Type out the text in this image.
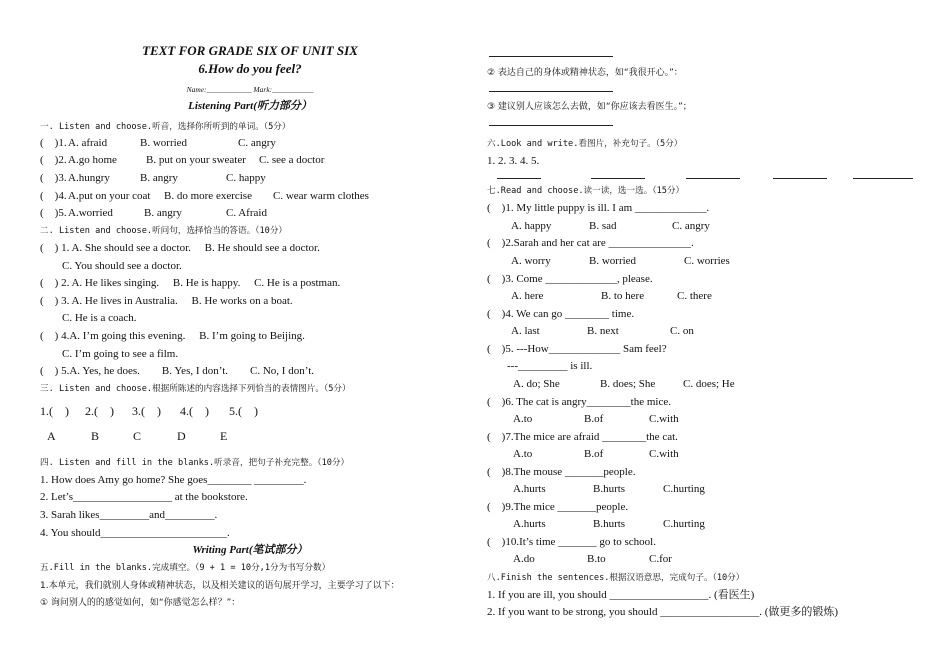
TEXT FOR GRADE SIX OF UNIT SIX
6.How do you feel?
Name:____________ Mark:___________
Listening Part(听力部分）
一. Listen and choose.听音，选择你所听到的单词。（5分）
(　)1. A. afraid	B. worried	C. angry
(　)2. A.go home	B. put on your sweater C. see a doctor
(　)3. A.hungry	B. angry	C. happy
(　)4. A.put on your coat B. do more exercise C. wear warm clothes
(　)5. A.worried	B. angry	C. Afraid
二. Listen and choose.听问句，选择恰当的答语。（10分）
(　) 1. A. She should see a doctor.　 B. He should see a doctor.
　　C. You should see a doctor.
(　) 2. A. He likes singing.　 B. He is happy.　 C. He is a postman.
(　) 3. A. He lives in Australia.　 B. He works on a boat.
　　C. He is a coach.
(　) 4.A. I’m going this evening.　 B. I’m going to Beijing.
　　C. I’m going to see a film.
(　) 5.A. Yes, he does.　　B. Yes, I don’t.　　C. No, I don’t.
三. Listen and choose.根据所陈述的内容选择下列恰当的表情图片。（5分）
1.(　) 2.(　) 3.(　) 4.(　) 5.(　)
A	B	C	D	E
四. Listen and fill in the blanks.听录音，把句子补充完整。（10分）
1. How does Amy go home? She goes________ _________.
2. Let’s__________________ at the bookstore.
3. Sarah likes_________and_________.
4. You should_______________________.
Writing Part(笔试部分）
五.Fill in the blanks.完成填空。（9 + 1 = 10分,1分为书写分数）
1.本单元，我们就别人身体或精神状态，以及相关建议的语句展开学习，主要学习了以下：
① 询问别人的的感觉如何，如“你感觉怎么样？”：
② 表达自己的身体或精神状态，如“我很开心。”：
③ 建议别人应该怎么去做，如“你应该去看医生。”；
六.Look and write.看图片，补充句子。（5分）
1. 2. 3. 4. 5.
七.Read and choose.读一读，选一选。（15分）
(　)1. My little puppy is ill. I am _____________.
A. happy	B. sad	C. angry
(　)2.Sarah and her cat are _______________.
A. worry	B. worried	C. worries
(　)3. Come _____________, please.
A. here	B. to here	C. there
(　)4. We can go ________ time.
A. last	B. next	C. on
(　)5. ---How_____________ Sam feel?
---_________ is ill.
A. do; She	B. does; She	C. does; He
(　)6. The cat is angry________the mice.
A.to	B.of	C.with
(　)7.The mice are afraid ________the cat.
A.to	B.of	C.with
(　)8.The mouse _______people.
A.hurts	B.hurts	C.hurting
(　)9.The mice _______people.
A.hurts	B.hurts	C.hurting
(　)10.It’s time _______ go to school.
A.do	B.to	C.for
八.Finish the sentences.根据汉语意思，完成句子。（10分）
1. If you are ill, you should __________________. (看医生)
2. If you want to be strong, you should __________________. (做更多的锻炼)
